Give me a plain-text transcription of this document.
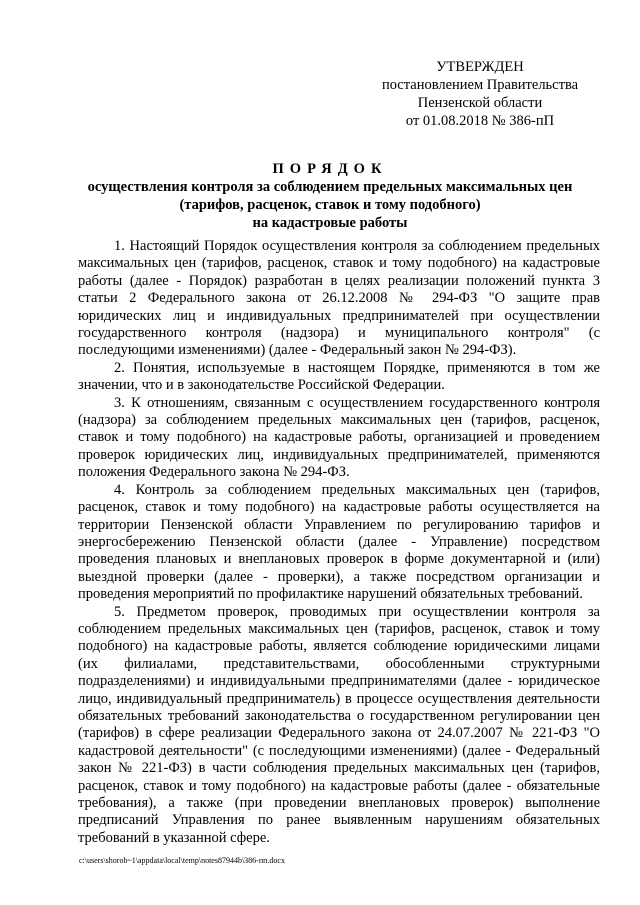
УТВЕРЖДЕН
постановлением Правительства
Пензенской области
от 01.08.2018 № 386-пП
ПОРЯДОК
осуществления контроля за соблюдением предельных максимальных цен
(тарифов, расценок, ставок и тому подобного)
на кадастровые работы

1. Настоящий Порядок осуществления контроля за соблюдением предельных максимальных цен (тарифов, расценок, ставок и тому подобного) на кадастровые работы (далее - Порядок) разработан в целях реализации положений пункта 3 статьи 2 Федерального закона от 26.12.2008 № 294-ФЗ "О защите прав юридических лиц и индивидуальных предпринимателей при осуществлении государственного контроля (надзора) и муниципального контроля" (с последующими изменениями) (далее - Федеральный закон № 294-ФЗ).

2. Понятия, используемые в настоящем Порядке, применяются в том же значении, что и в законодательстве Российской Федерации.

3. К отношениям, связанным с осуществлением государственного контроля (надзора) за соблюдением предельных максимальных цен (тарифов, расценок, ставок и тому подобного) на кадастровые работы, организацией и проведением проверок юридических лиц, индивидуальных предпринимателей, применяются положения Федерального закона № 294-ФЗ.

4. Контроль за соблюдением предельных максимальных цен (тарифов, расценок, ставок и тому подобного) на кадастровые работы осуществляется на территории Пензенской области Управлением по регулированию тарифов и энергосбережению Пензенской области (далее - Управление) посредством проведения плановых и внеплановых проверок в форме документарной и (или) выездной проверки (далее - проверки), а также посредством организации и проведения мероприятий по профилактике нарушений обязательных требований.

5. Предметом проверок, проводимых при осуществлении контроля за соблюдением предельных максимальных цен (тарифов, расценок, ставок и тому подобного) на кадастровые работы, является соблюдение юридическими лицами (их филиалами, представительствами, обособленными структурными подразделениями) и индивидуальными предпринимателями (далее - юридическое лицо, индивидуальный предприниматель) в процессе осуществления деятельности обязательных требований законодательства о государственном регулировании цен (тарифов) в сфере реализации Федерального закона от 24.07.2007 № 221-ФЗ "О кадастровой деятельности" (с последующими изменениями) (далее - Федеральный закон № 221-ФЗ) в части соблюдения предельных максимальных цен (тарифов, расценок, ставок и тому подобного) на кадастровые работы (далее - обязательные требования), а также (при проведении внеплановых проверок) выполнение предписаний Управления по ранее выявленным нарушениям обязательных требований в указанной сфере.

c:\users\shorob~1\appdata\local\temp\notes87944b\386-пп.docx
